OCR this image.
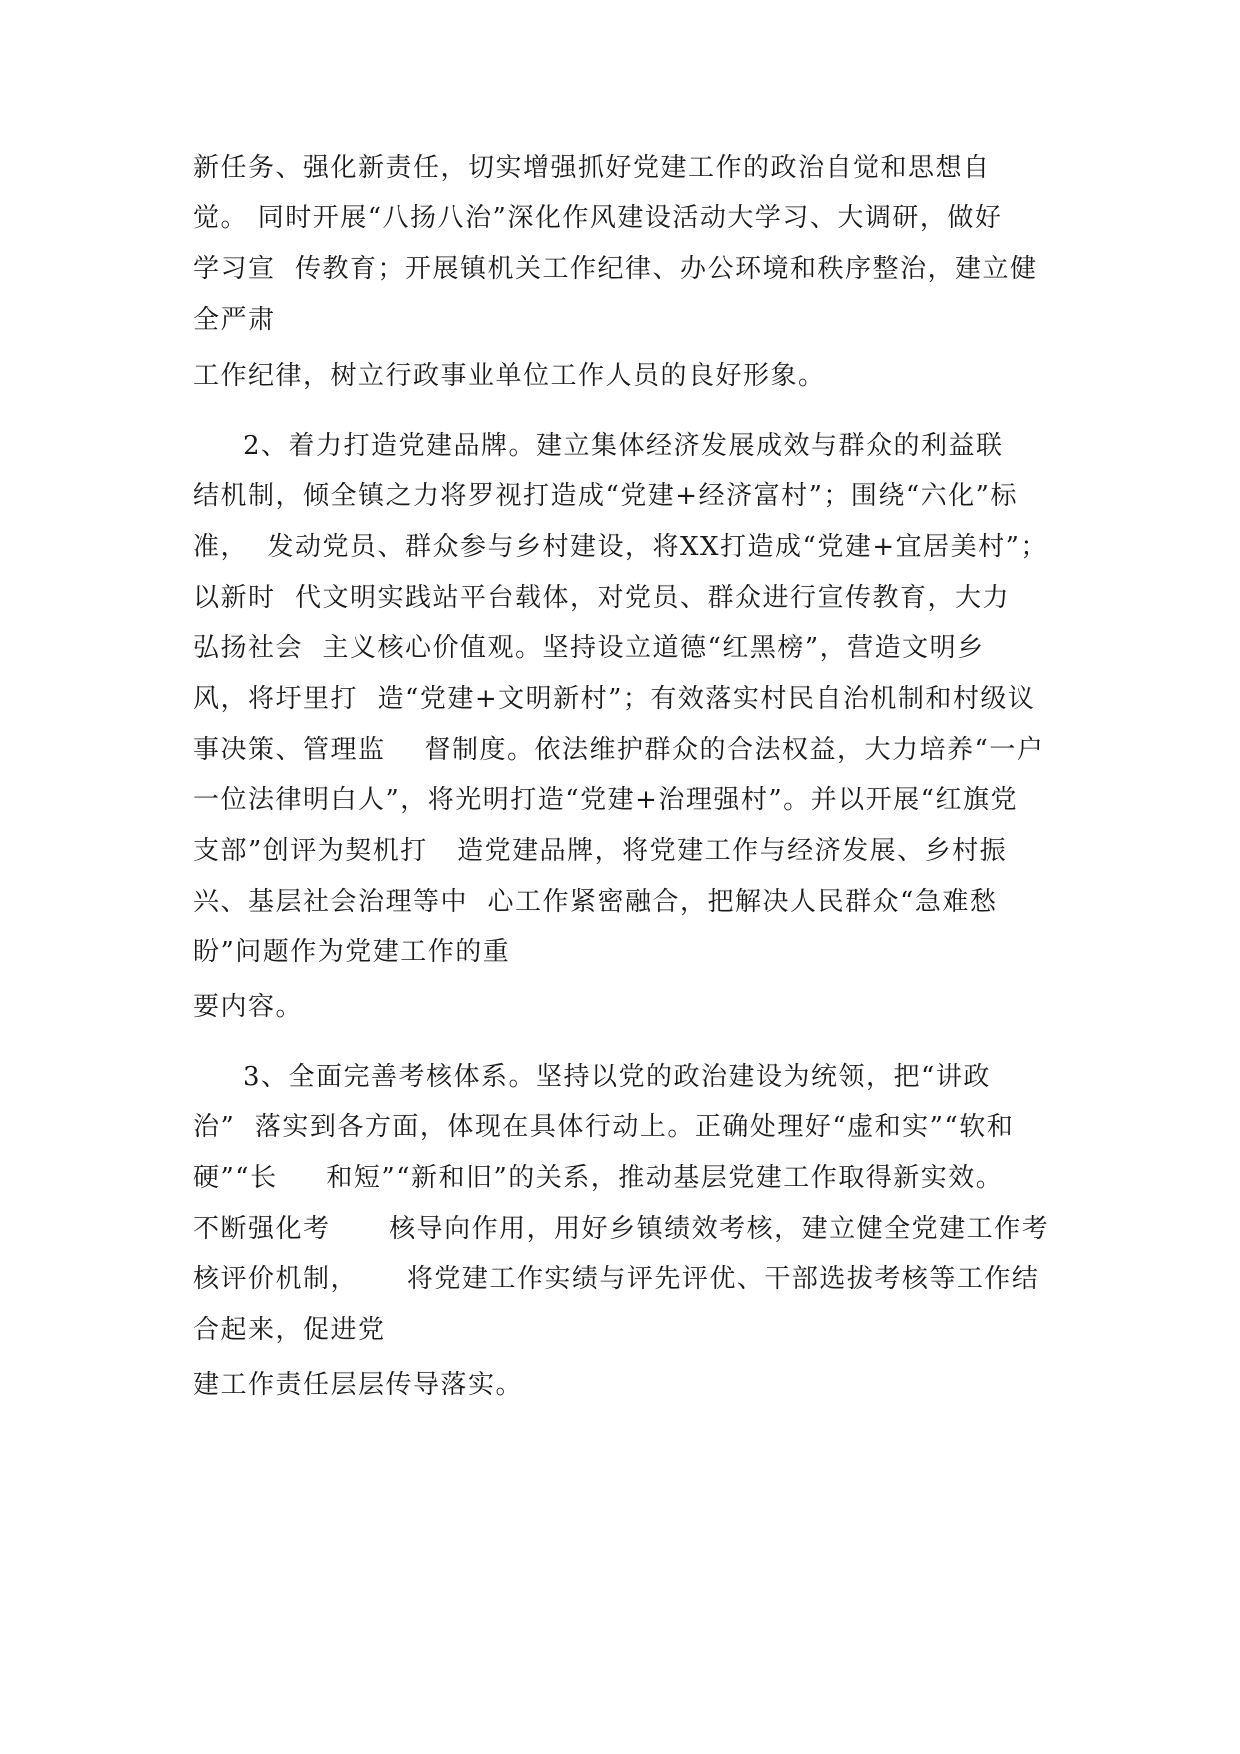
新任务、强化新责任，切实增强抓好党建工作的政治自觉和思想自

觉。 同时开展“八扬八治”深化作风建设活动大学习、大调研，做好

学习宣  传教育；开展镇机关工作纪律、办公环境和秩序整治，建立健

全严肃

工作纪律，树立行政事业单位工作人员的良好形象。

2、着力打造党建品牌。建立集体经济发展成效与群众的利益联

结机制，倾全镇之力将罗视打造成“党建+经济富村”；围绕“六化”标

准，  发动党员、群众参与乡村建设，将XX打造成“党建+宜居美村”；

以新时  代文明实践站平台载体，对党员、群众进行宣传教育，大力

弘扬社会  主义核心价值观。坚持设立道德“红黑榜”，营造文明乡

风，将圩里打  造“党建+文明新村”；有效落实村民自治机制和村级议

事决策、管理监    督制度。依法维护群众的合法权益，大力培养“一户

一位法律明白人”，将光明打造“党建+治理强村”。并以开展“红旗党

支部”创评为契机打   造党建品牌，将党建工作与经济发展、乡村振

兴、基层社会治理等中  心工作紧密融合，把解决人民群众“急难愁

盼”问题作为党建工作的重

要内容。

3、全面完善考核体系。坚持以党的政治建设为统领，把“讲政

治”  落实到各方面，体现在具体行动上。正确处理好“虚和实”“软和

硬”“长     和短”“新和旧”的关系，推动基层党建工作取得新实效。

不断强化考      核导向作用，用好乡镇绩效考核，建立健全党建工作考

核评价机制，     将党建工作实绩与评先评优、干部选拔考核等工作结

合起来，促进党

建工作责任层层传导落实。
